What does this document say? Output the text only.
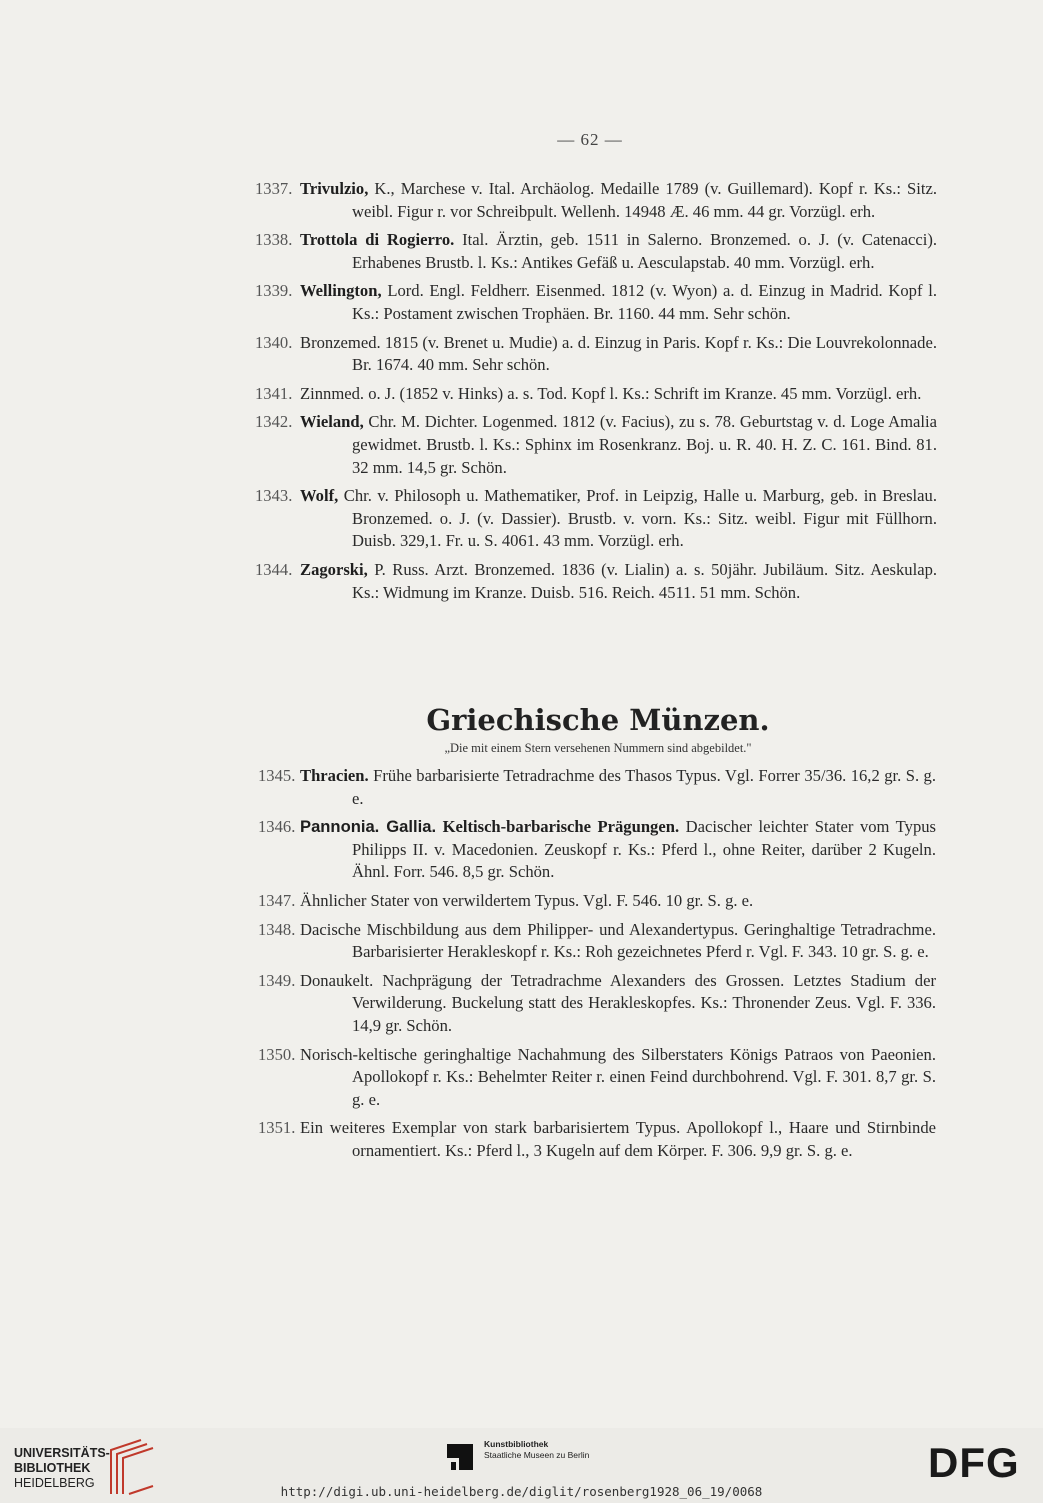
— 62 —
1337. Trivulzio, K., Marchese v. Ital. Archäolog. Medaille 1789 (v. Guillemard). Kopf r. Ks.: Sitz. weibl. Figur r. vor Schreibpult. Wellenh. 14948 Æ. 46 mm. 44 gr. Vorzügl. erh.
1338. Trottola di Rogierro. Ital. Ärztin, geb. 1511 in Salerno. Bronzemed. o. J. (v. Catenacci). Erhabenes Brustb. l. Ks.: Antikes Gefäß u. Aesculapstab. 40 mm. Vorzügl. erh.
1339. Wellington, Lord. Engl. Feldherr. Eisenmed. 1812 (v. Wyon) a. d. Einzug in Madrid. Kopf l. Ks.: Postament zwischen Trophäen. Br. 1160. 44 mm. Sehr schön.
1340. Bronzemed. 1815 (v. Brenet u. Mudie) a. d. Einzug in Paris. Kopf r. Ks.: Die Louvrekolonnade. Br. 1674. 40 mm. Sehr schön.
1341. Zinnmed. o. J. (1852 v. Hinks) a. s. Tod. Kopf l. Ks.: Schrift im Kranze. 45 mm. Vorzügl. erh.
1342. Wieland, Chr. M. Dichter. Logenmed. 1812 (v. Facius), zu s. 78. Geburtstag v. d. Loge Amalia gewidmet. Brustb. l. Ks.: Sphinx im Rosenkranz. Boj. u. R. 40. H. Z. C. 161. Bind. 81. 32 mm. 14,5 gr. Schön.
1343. Wolf, Chr. v. Philosoph u. Mathematiker, Prof. in Leipzig, Halle u. Marburg, geb. in Breslau. Bronzemed. o. J. (v. Dassier). Brustb. v. vorn. Ks.: Sitz. weibl. Figur mit Füllhorn. Duisb. 329,1. Fr. u. S. 4061. 43 mm. Vorzügl. erh.
1344. Zagorski, P. Russ. Arzt. Bronzemed. 1836 (v. Lialin) a. s. 50jähr. Jubiläum. Sitz. Aeskulap. Ks.: Widmung im Kranze. Duisb. 516. Reich. 4511. 51 mm. Schön.
Griechische Münzen.
„Die mit einem Stern versehenen Nummern sind abgebildet."
1345. Thracien. Frühe barbarisierte Tetradrachme des Thasos Typus. Vgl. Forrer 35/36. 16,2 gr. S. g. e.
1346. Pannonia. Gallia. Keltisch-barbarische Prägungen. Dacischer leichter Stater vom Typus Philipps II. v. Macedonien. Zeuskopf r. Ks.: Pferd l., ohne Reiter, darüber 2 Kugeln. Ähnl. Forr. 546. 8,5 gr. Schön.
1347. Ähnlicher Stater von verwildertem Typus. Vgl. F. 546. 10 gr. S. g. e.
1348. Dacische Mischbildung aus dem Philipper- und Alexandertypus. Geringhaltige Tetradrachme. Barbarisierter Herakleskopf r. Ks.: Roh gezeichnetes Pferd r. Vgl. F. 343. 10 gr. S. g. e.
1349. Donaukelt. Nachprägung der Tetradrachme Alexanders des Grossen. Letztes Stadium der Verwilderung. Buckelung statt des Herakleskopfes. Ks.: Thronender Zeus. Vgl. F. 336. 14,9 gr. Schön.
1350. Norisch-keltische geringhaltige Nachahmung des Silberstaters Königs Patraos von Paeonien. Apollokopf r. Ks.: Behelmter Reiter r. einen Feind durchbohrend. Vgl. F. 301. 8,7 gr. S. g. e.
1351. Ein weiteres Exemplar von stark barbarisiertem Typus. Apollokopf l., Haare und Stirnbinde ornamentiert. Ks.: Pferd l., 3 Kugeln auf dem Körper. F. 306. 9,9 gr. S. g. e.
UNIVERSITÄTS-
BIBLIOTHEK
HEIDELBERG
Kunstbibliothek
Staatliche Museen zu Berlin	DFG
http://digi.ub.uni-heidelberg.de/diglit/rosenberg1928_06_19/0068
